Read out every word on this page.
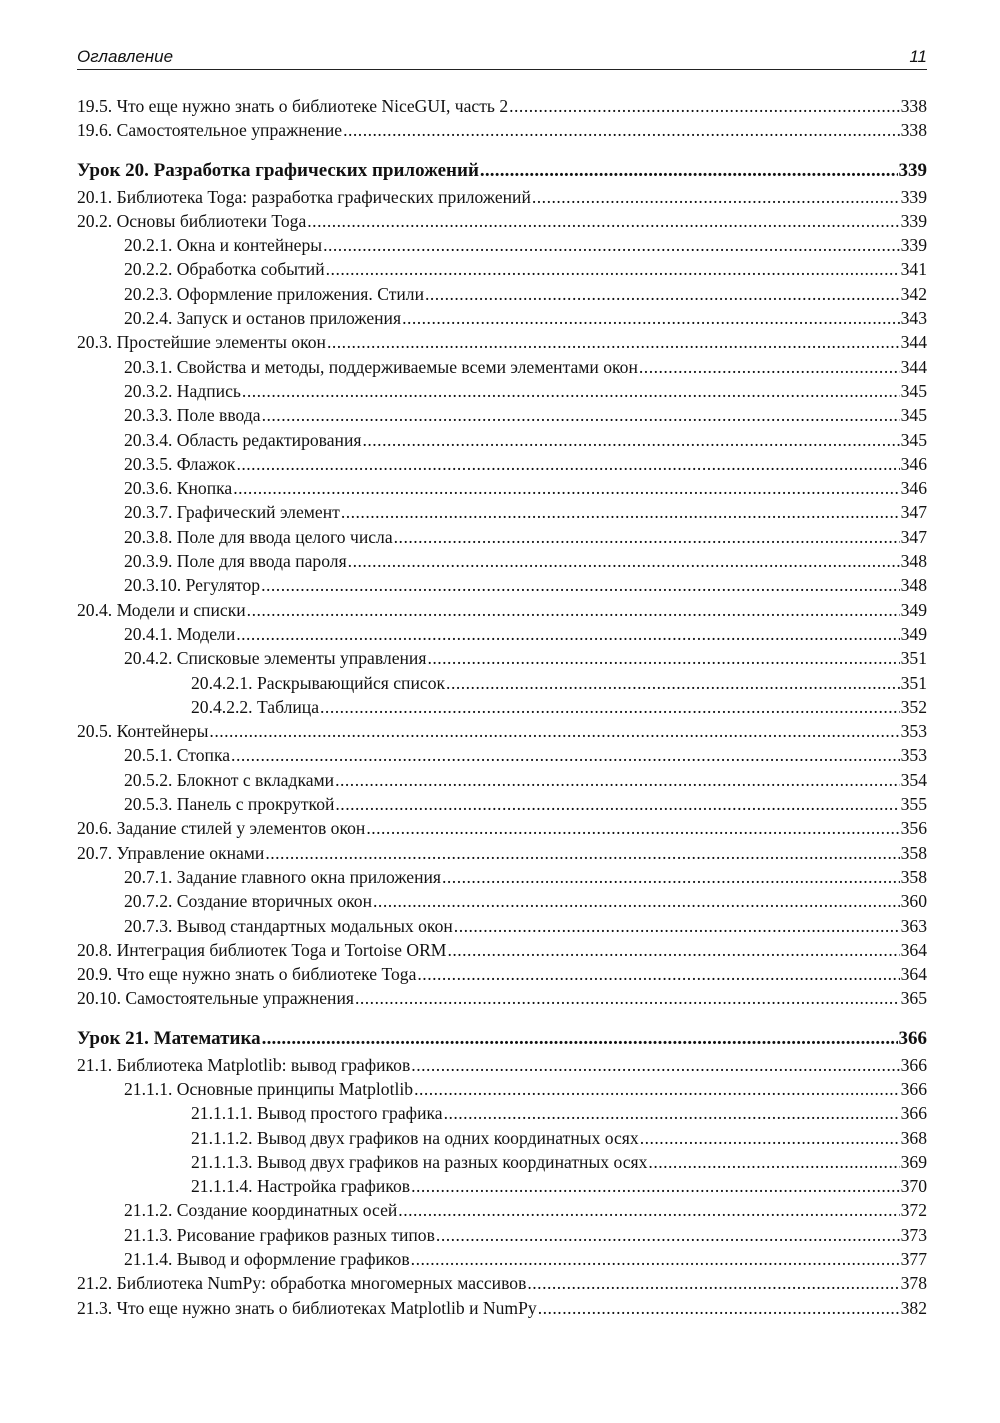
Оглавление	11
19.5. Что еще нужно знать о библиотеке NiceGUI, часть 2 .....	338
19.6. Самостоятельное упражнение .....	338
Урок 20. Разработка графических приложений .....	339
20.1. Библиотека Toga: разработка графических приложений .....	339
20.2. Основы библиотеки Toga .....	339
20.2.1. Окна и контейнеры .....	339
20.2.2. Обработка событий .....	341
20.2.3. Оформление приложения. Стили .....	342
20.2.4. Запуск и останов приложения .....	343
20.3. Простейшие элементы окон .....	344
20.3.1. Свойства и методы, поддерживаемые всеми элементами окон .....	344
20.3.2. Надпись .....	345
20.3.3. Поле ввода .....	345
20.3.4. Область редактирования .....	345
20.3.5. Флажок .....	346
20.3.6. Кнопка .....	346
20.3.7. Графический элемент .....	347
20.3.8. Поле для ввода целого числа .....	347
20.3.9. Поле для ввода пароля .....	348
20.3.10. Регулятор .....	348
20.4. Модели и списки .....	349
20.4.1. Модели .....	349
20.4.2. Списковые элементы управления .....	351
20.4.2.1. Раскрывающийся список .....	351
20.4.2.2. Таблица .....	352
20.5. Контейнеры .....	353
20.5.1. Стопка .....	353
20.5.2. Блокнот с вкладками .....	354
20.5.3. Панель с прокруткой .....	355
20.6. Задание стилей у элементов окон .....	356
20.7. Управление окнами .....	358
20.7.1. Задание главного окна приложения .....	358
20.7.2. Создание вторичных окон .....	360
20.7.3. Вывод стандартных модальных окон .....	363
20.8. Интеграция библиотек Toga и Tortoise ORM .....	364
20.9. Что еще нужно знать о библиотеке Toga .....	364
20.10. Самостоятельные упражнения .....	365
Урок 21. Математика .....	366
21.1. Библиотека Matplotlib: вывод графиков .....	366
21.1.1. Основные принципы Matplotlib .....	366
21.1.1.1. Вывод простого графика .....	366
21.1.1.2. Вывод двух графиков на одних координатных осях .....	368
21.1.1.3. Вывод двух графиков на разных координатных осях .....	369
21.1.1.4. Настройка графиков .....	370
21.1.2. Создание координатных осей .....	372
21.1.3. Рисование графиков разных типов .....	373
21.1.4. Вывод и оформление графиков .....	377
21.2. Библиотека NumPy: обработка многомерных массивов .....	378
21.3. Что еще нужно знать о библиотеках Matplotlib и NumPy .....	382
